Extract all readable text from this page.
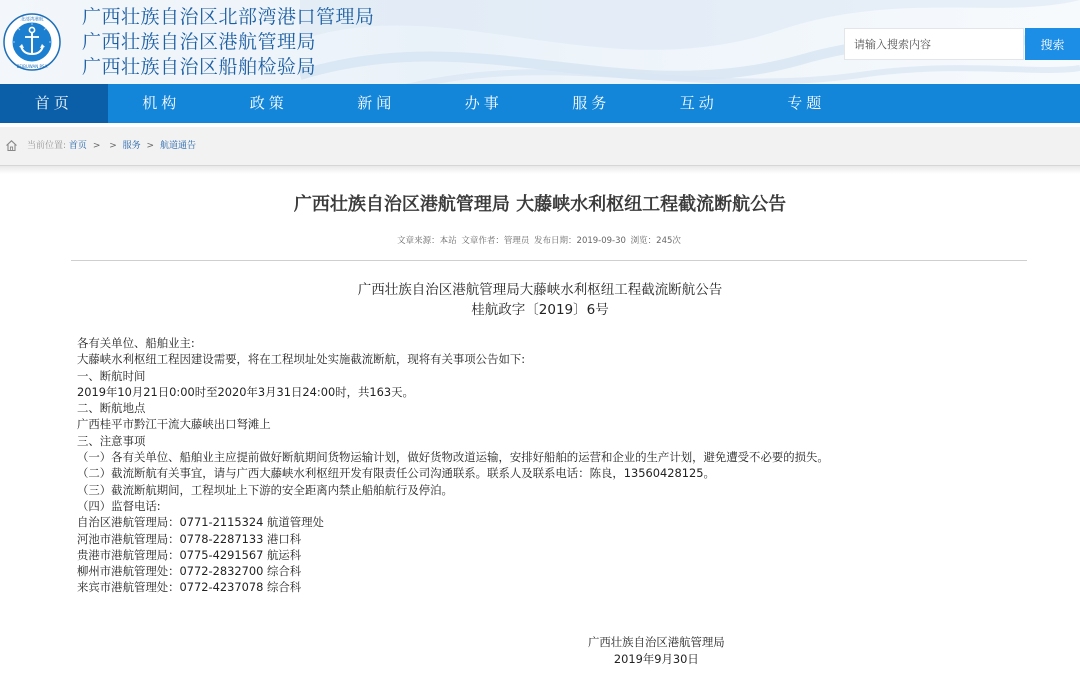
北部湾港航
BEIBUWAN PSA
广西壮族自治区北部湾港口管理局
广西壮族自治区港航管理局
广西壮族自治区船舶检验局
请输入搜索内容
搜索
首页	机构	政策	新闻	办事	服务	互动	专题
当前位置: 首页 > > 服务 > 航道通告
广西壮族自治区港航管理局 大藤峡水利枢纽工程截流断航公告
文章来源：本站 文章作者：管理员 发布日期：2019-09-30 浏览：245次
广西壮族自治区港航管理局大藤峡水利枢纽工程截流断航公告
桂航政字〔2019〕6号
各有关单位、船舶业主:
大藤峡水利枢纽工程因建设需要，将在工程坝址处实施截流断航，现将有关事项公告如下:
一、断航时间
2019年10月21日0:00时至2020年3月31日24:00时，共163天。
二、断航地点
广西桂平市黔江干流大藤峡出口弩滩上
三、注意事项
（一）各有关单位、船舶业主应提前做好断航期间货物运输计划，做好货物改道运输，安排好船舶的运营和企业的生产计划，避免遭受不必要的损失。
（二）截流断航有关事宜，请与广西大藤峡水利枢纽开发有限责任公司沟通联系。联系人及联系电话：陈良，13560428125。
（三）截流断航期间，工程坝址上下游的安全距离内禁止船舶航行及停泊。
（四）监督电话:
自治区港航管理局：0771-2115324 航道管理处
河池市港航管理局：0778-2287133 港口科
贵港市港航管理局：0775-4291567 航运科
柳州市港航管理处：0772-2832700 综合科
来宾市港航管理处：0772-4237078 综合科
广西壮族自治区港航管理局
2019年9月30日
